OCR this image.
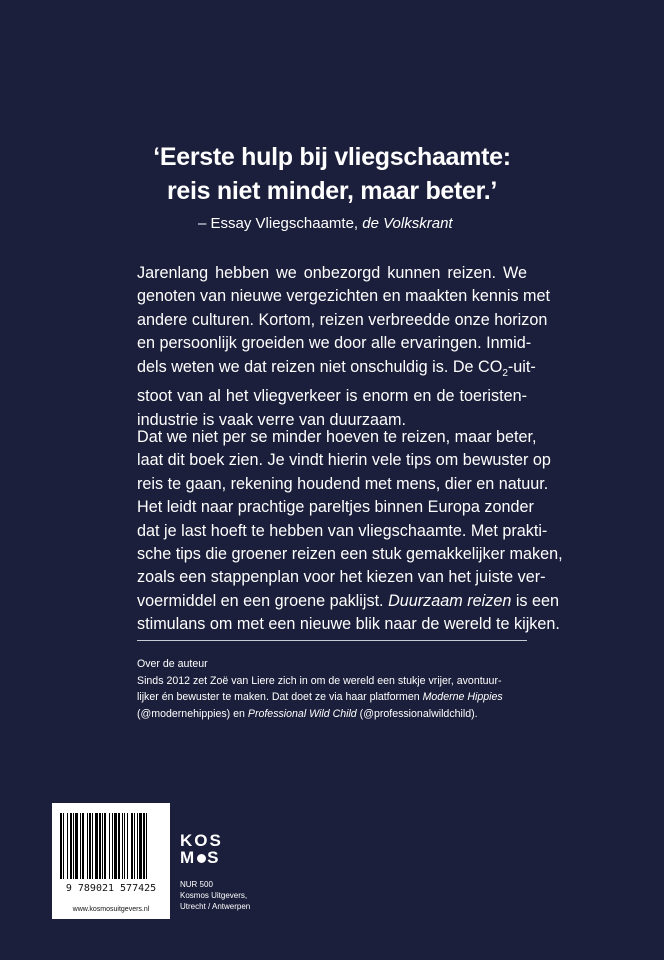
‘Eerste hulp bij vliegschaamte:
reis niet minder, maar beter.’
– Essay Vliegschaamte, de Volkskrant
Jarenlang hebben we onbezorgd kunnen reizen. We
genoten van nieuwe vergezichten en maakten kennis met
andere culturen. Kortom, reizen verbreedde onze horizon
en persoonlijk groeiden we door alle ervaringen. Inmid-
dels weten we dat reizen niet onschuldig is. De $CO_2-uit-$
stoot van al het vliegverkeer is enorm en de toeristen-
industrie is vaak verre van duurzaam.
Dat we niet per se minder hoeven te reizen, maar beter,
laat dit boek zien. Je vindt hierin vele tips om bewuster op
reis te gaan, rekening houdend met mens, dier en natuur.
Het leidt naar prachtige pareltjes binnen Europa zonder
dat je last hoeft te hebben van vliegschaamte. Met prakti-
sche tips die groener reizen een stuk gemakkelijker maken,
zoals een stappenplan voor het kiezen van het juiste ver-
voermiddel en een groene paklijst. Duurzaam reizen is een
stimulans om met een nieuwe blik naar de wereld te kijken.
Over de auteur
Sinds 2012 zet Zoë van Liere zich in om de wereld een stukje vrijer, avontuur-
lijker én bewuster te maken. Dat doet ze via haar platformen Moderne Hippies
(@modernehippies) en Professional Wild Child (@professionalwildchild).
9 789021 577425
www.kosmosuitgevers.nl
KOS
M S
NUR 500
Kosmos Uitgevers,
Utrecht / Antwerpen
